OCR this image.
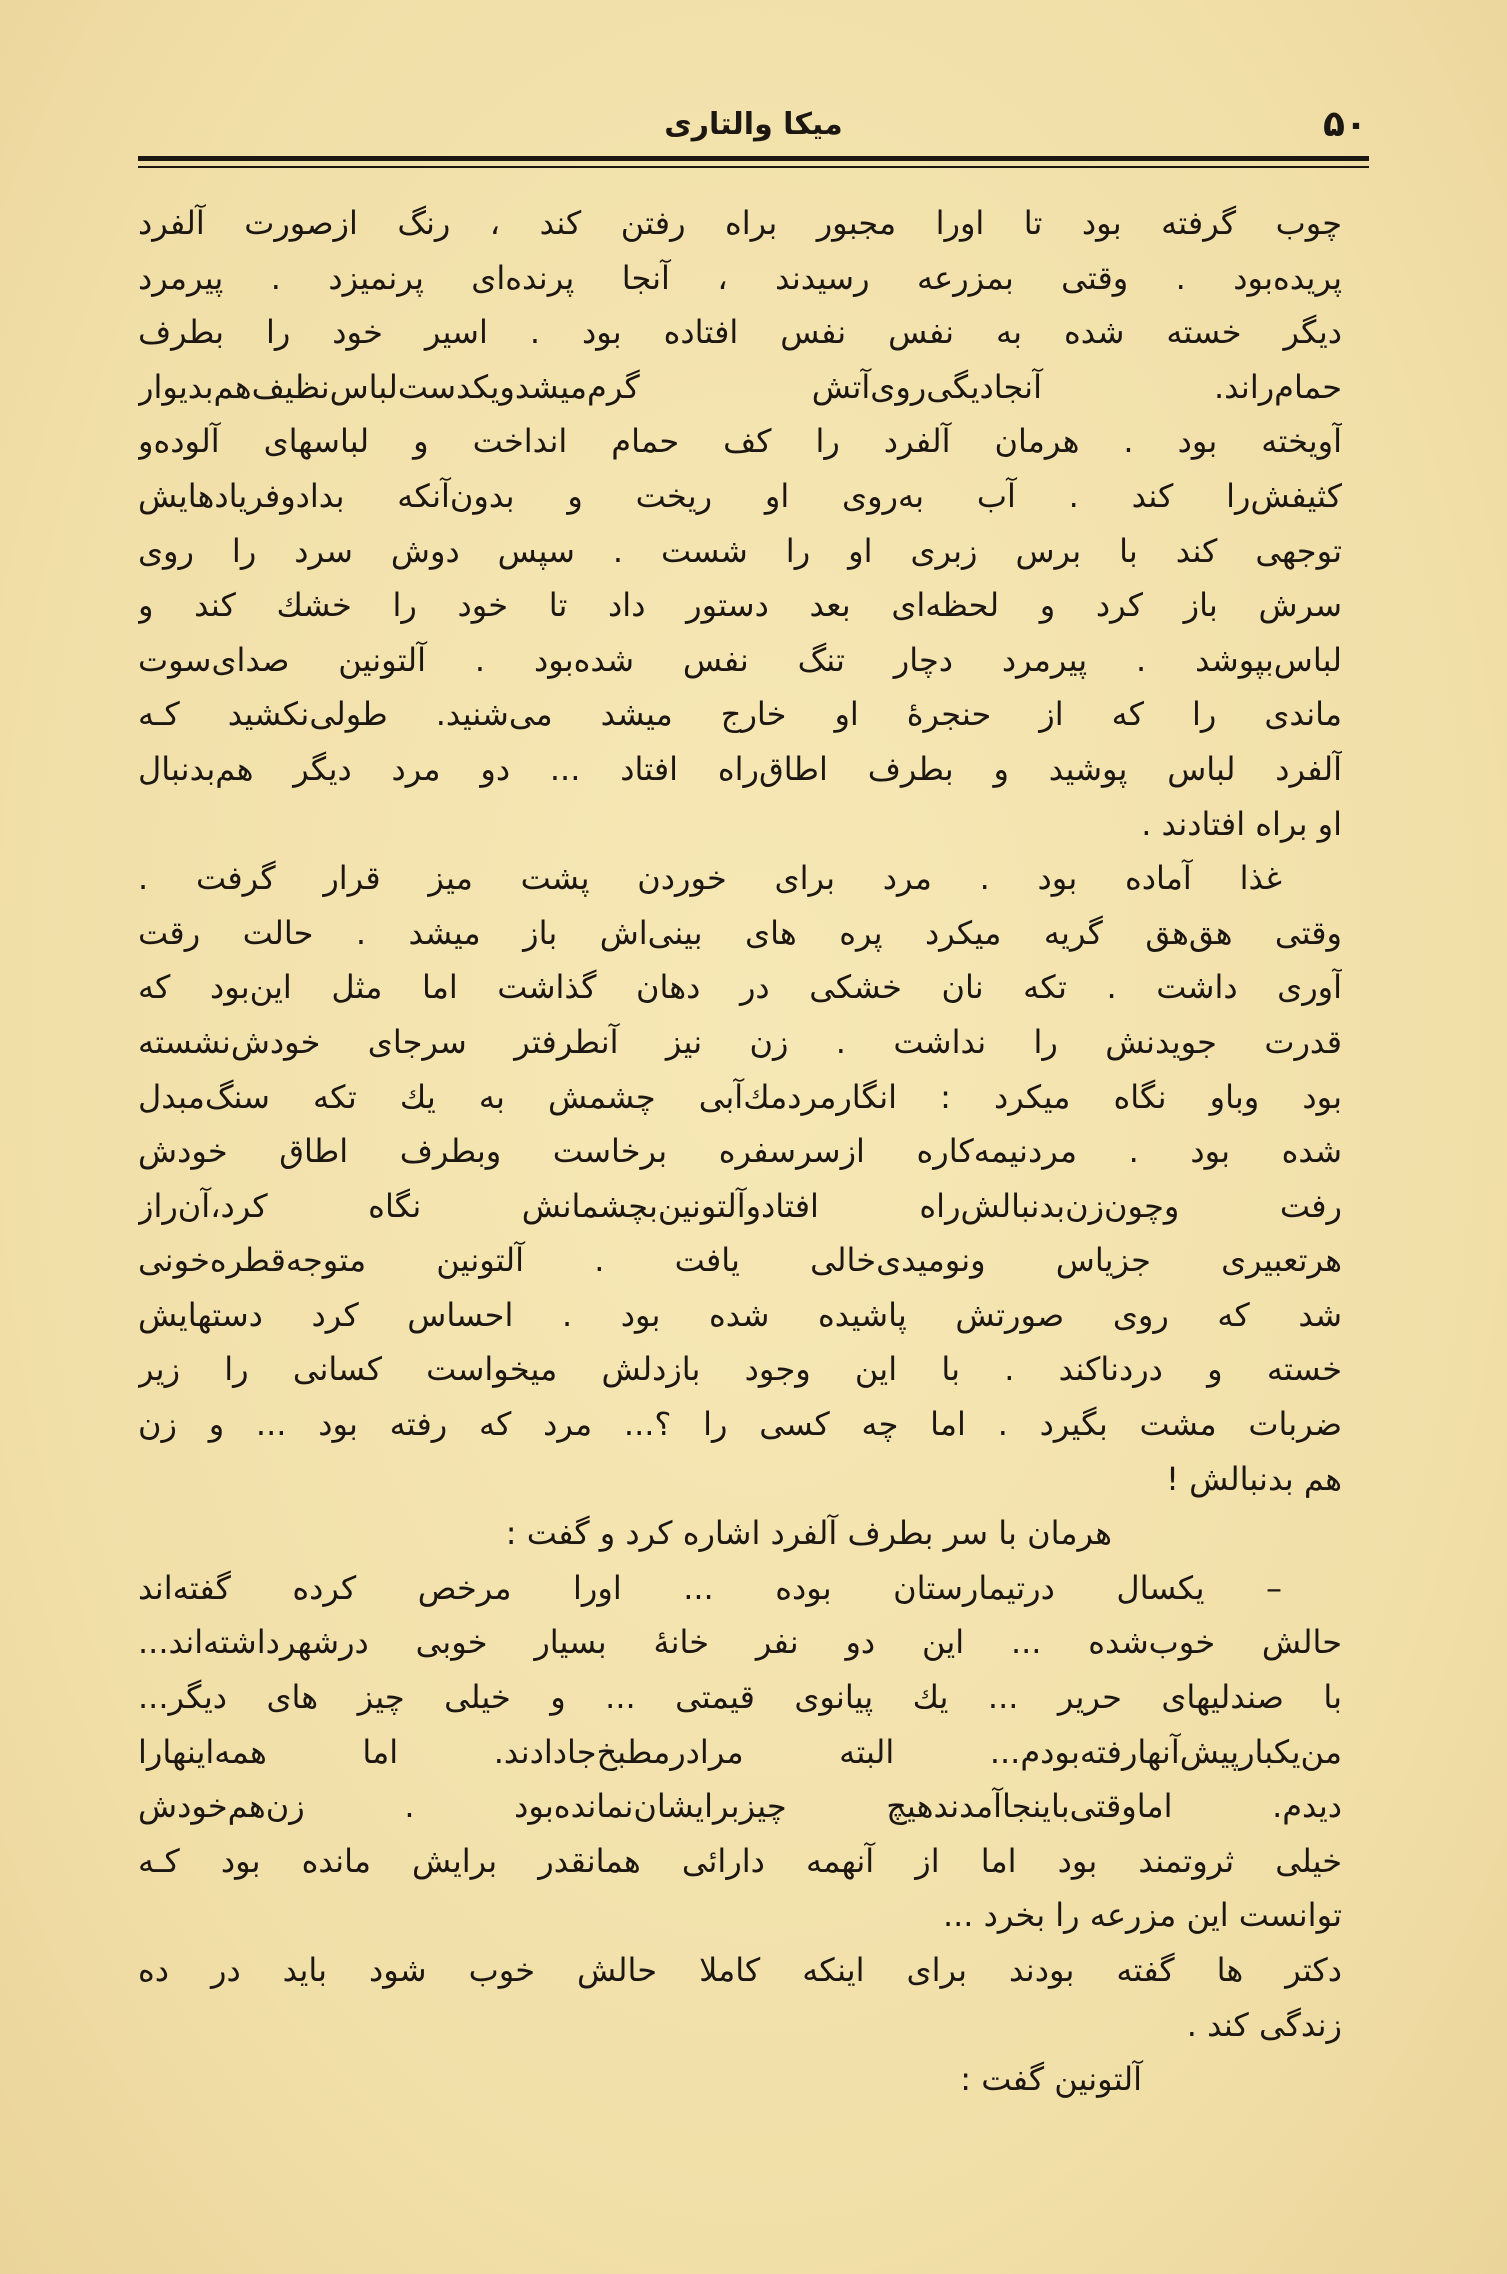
۵۰
میکا والتاری

چوب گرفته بود تا اورا مجبور براه رفتن کند ، رنگ ازصورت آلفرد
پریده‌بود . وقتی بمزرعه رسیدند ، آنجا پرنده‌ای پرنمیزد . پیرمرد
دیگر خسته شده به نفس نفس افتاده بود . اسیر خود را بطرف
حمام‌راند. آنجادیگی‌روی‌آتش گرم‌میشدویکدست‌لباس‌نظیف‌هم‌بدیوار
آویخته بود . هرمان آلفرد را کف حمام انداخت و لباسهای آلوده‌و
کثیفش‌را کند . آب به‌روی او ریخت و بدون‌آنکه بدادوفریادهایش
توجهی کند با برس زبری او را شست . سپس دوش سرد را روی
سرش باز کرد و لحظه‌ای بعد دستور داد تا خود را خشك کند و
لباس‌بپوشد . پیرمرد دچار تنگ نفس شده‌بود . آلتونین صدای‌سوت
ماندی را که از حنجرهٔ او خارج میشد می‌شنید. طولی‌نکشید کـه
آلفرد لباس پوشید و بطرف اطاق‌راه افتاد ... دو مرد دیگر هم‌بدنبال
او براه افتادند .

غذا آماده بود . مرد برای خوردن پشت میز قرار گرفت .
وقتی هق‌هق گریه میکرد پره های بینی‌اش باز میشد . حالت رقت
آوری داشت . تکه نان خشکی در دهان گذاشت اما مثل این‌بود که
قدرت جویدنش را نداشت . زن نیز آنطرفتر سرجای خودش‌نشسته
بود وباو نگاه میکرد : انگارمردمك‌آبی چشمش به یك تکه سنگ‌مبدل
شده بود . مردنیمه‌کاره ازسرسفره برخاست وبطرف اطاق خودش
رفت وچون‌زن‌بدنبالش‌راه افتادوآلتونین‌بچشمانش نگاه کرد،آن‌راز
هرتعبیری جزیاس ونومیدی‌خالی یافت . آلتونین متوجه‌قطره‌خونی
شد که روی صورتش پاشیده شده بود . احساس کرد دستهایش
خسته و دردناکند . با این وجود بازدلش میخواست کسانی را زیر
ضربات مشت بگیرد . اما چه کسی را ؟... مرد که رفته بود ... و زن
هم بدنبالش !

هرمان با سر بطرف آلفرد اشاره کرد و گفت :

– یکسال درتیمارستان بوده ... اورا مرخص کرده گفته‌اند
حالش خوب‌شده ... این دو نفر خانهٔ بسیار خوبی درشهرداشته‌اند...
با صندلیهای حریر ... یك پیانوی قیمتی ... و خیلی چیز های دیگر...
من‌یکبارپیش‌آنهارفته‌بودم... البته مرادرمطبخ‌جادادند. اما همه‌اینهارا
دیدم. اماوقتی‌باینجاآمدندهیچ چیزبرایشان‌نمانده‌بود . زن‌هم‌خودش
خیلی ثروتمند بود اما از آنهمه دارائی همانقدر برایش مانده بود کـه
توانست این مزرعه را بخرد ...

دکتر ها گفته بودند برای اینکه کاملا حالش خوب شود باید در ده
زندگی کند .

آلتونین گفت :
